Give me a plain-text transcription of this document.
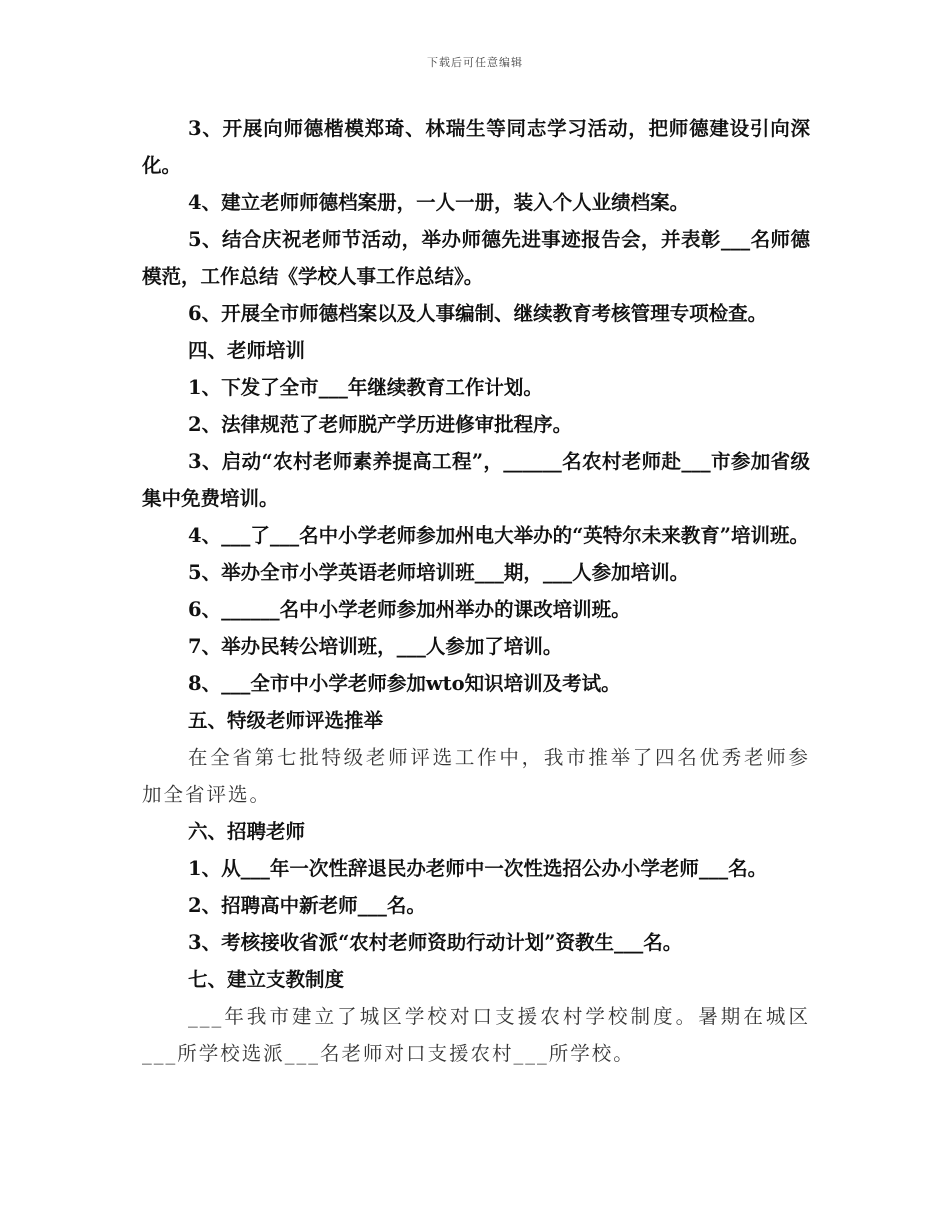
下载后可任意编辑

3、开展向师德楷模郑琦、林瑞生等同志学习活动，把师德建设引向深化。

4、建立老师师德档案册，一人一册，装入个人业绩档案。

5、结合庆祝老师节活动，举办师德先进事迹报告会，并表彰___名师德模范，工作总结《学校人事工作总结》。

6、开展全市师德档案以及人事编制、继续教育考核管理专项检查。

四、老师培训

1、下发了全市___年继续教育工作计划。

2、法律规范了老师脱产学历进修审批程序。

3、启动“农村老师素养提高工程”，______名农村老师赴___市参加省级集中免费培训。

4、___了___名中小学老师参加州电大举办的“英特尔未来教育”培训班。

5、举办全市小学英语老师培训班___期，___人参加培训。

6、______名中小学老师参加州举办的课改培训班。

7、举办民转公培训班，___人参加了培训。

8、___全市中小学老师参加wto知识培训及考试。

五、特级老师评选推举

在全省第七批特级老师评选工作中，我市推举了四名优秀老师参加全省评选。

六、招聘老师

1、从___年一次性辞退民办老师中一次性选招公办小学老师___名。

2、招聘高中新老师___名。

3、考核接收省派“农村老师资助行动计划”资教生___名。

七、建立支教制度

___年我市建立了城区学校对口支援农村学校制度。暑期在城区___所学校选派___名老师对口支援农村___所学校。
